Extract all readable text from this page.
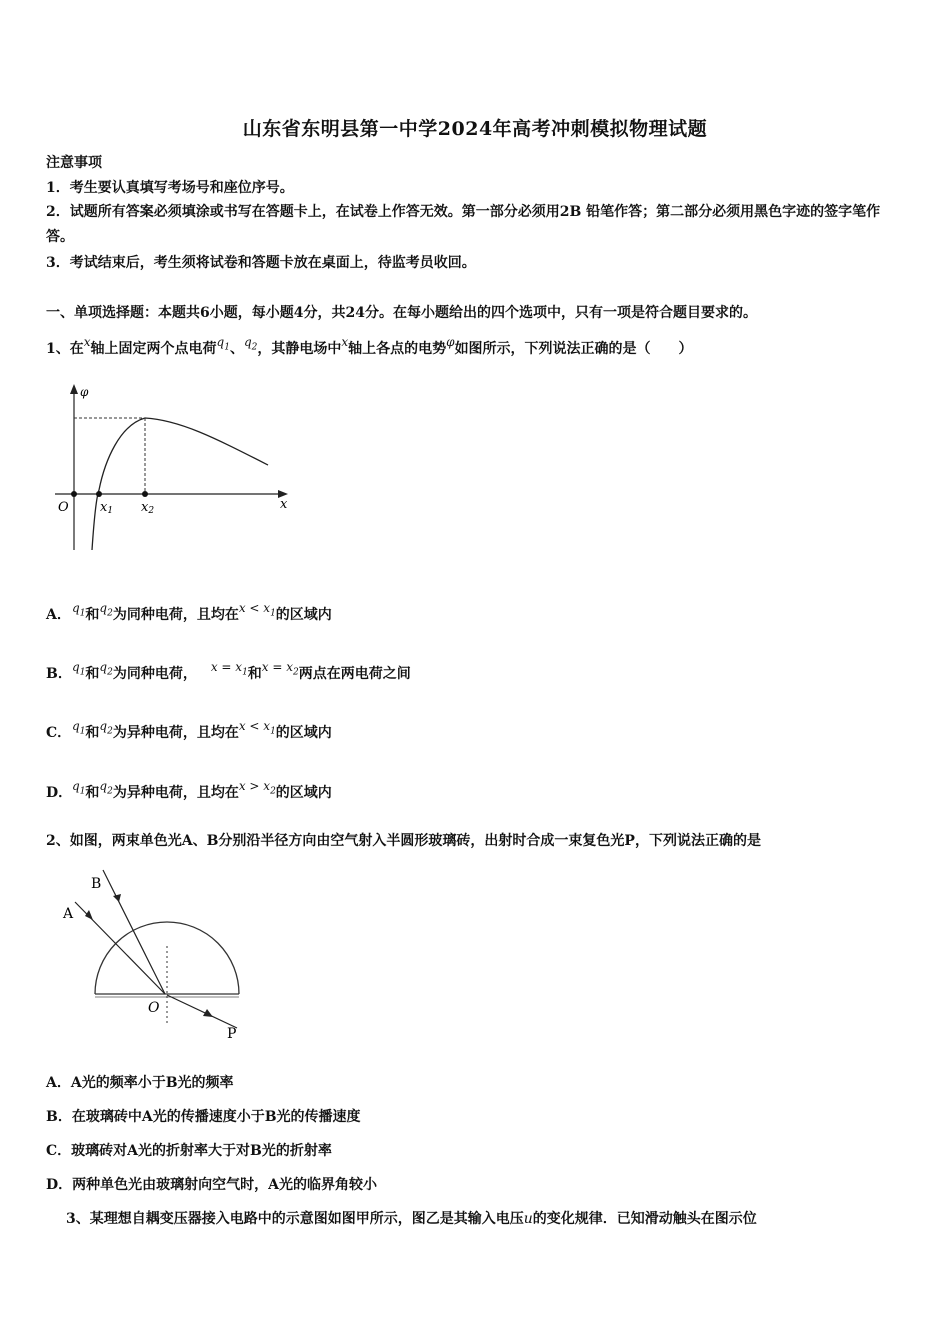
山东省东明县第一中学2024年高考冲刺模拟物理试题
注意事项
1．考生要认真填写考场号和座位序号。
2．试题所有答案必须填涂或书写在答题卡上，在试卷上作答无效。第一部分必须用2B 铅笔作答；第二部分必须用黑色字迹的签字笔作答。
3．考试结束后，考生须将试卷和答题卡放在桌面上，待监考员收回。
一、单项选择题：本题共6小题，每小题4分，共24分。在每小题给出的四个选项中，只有一项是符合题目要求的。
1、在x轴上固定两个点电荷$q_1$、$q_2$，其静电场中x轴上各点的电势φ如图所示，下列说法正确的是（　　）
φ
O	x
x1 x2
A．$q_1$和$q_2$为同种电荷，且均在$x < x_1$的区域内
B．$q_1$和$q_2$为同种电荷， $x = x_1$和$x = x_2$两点在两电荷之间
C．$q_1$和$q_2$为异种电荷，且均在$x < x_1$的区域内
D．$q_1$和$q_2$为异种电荷，且均在$x > x_2$的区域内
2、如图，两束单色光A、B分别沿半径方向由空气射入半圆形玻璃砖，出射时合成一束复色光P，下列说法正确的是
A
B
O
P
A．A光的频率小于B光的频率
B．在玻璃砖中A光的传播速度小于B光的传播速度
C．玻璃砖对A光的折射率大于对B光的折射率
D．两种单色光由玻璃射向空气时，A光的临界角较小
3、某理想自耦变压器接入电路中的示意图如图甲所示，图乙是其输入电压u的变化规律．已知滑动触头在图示位
